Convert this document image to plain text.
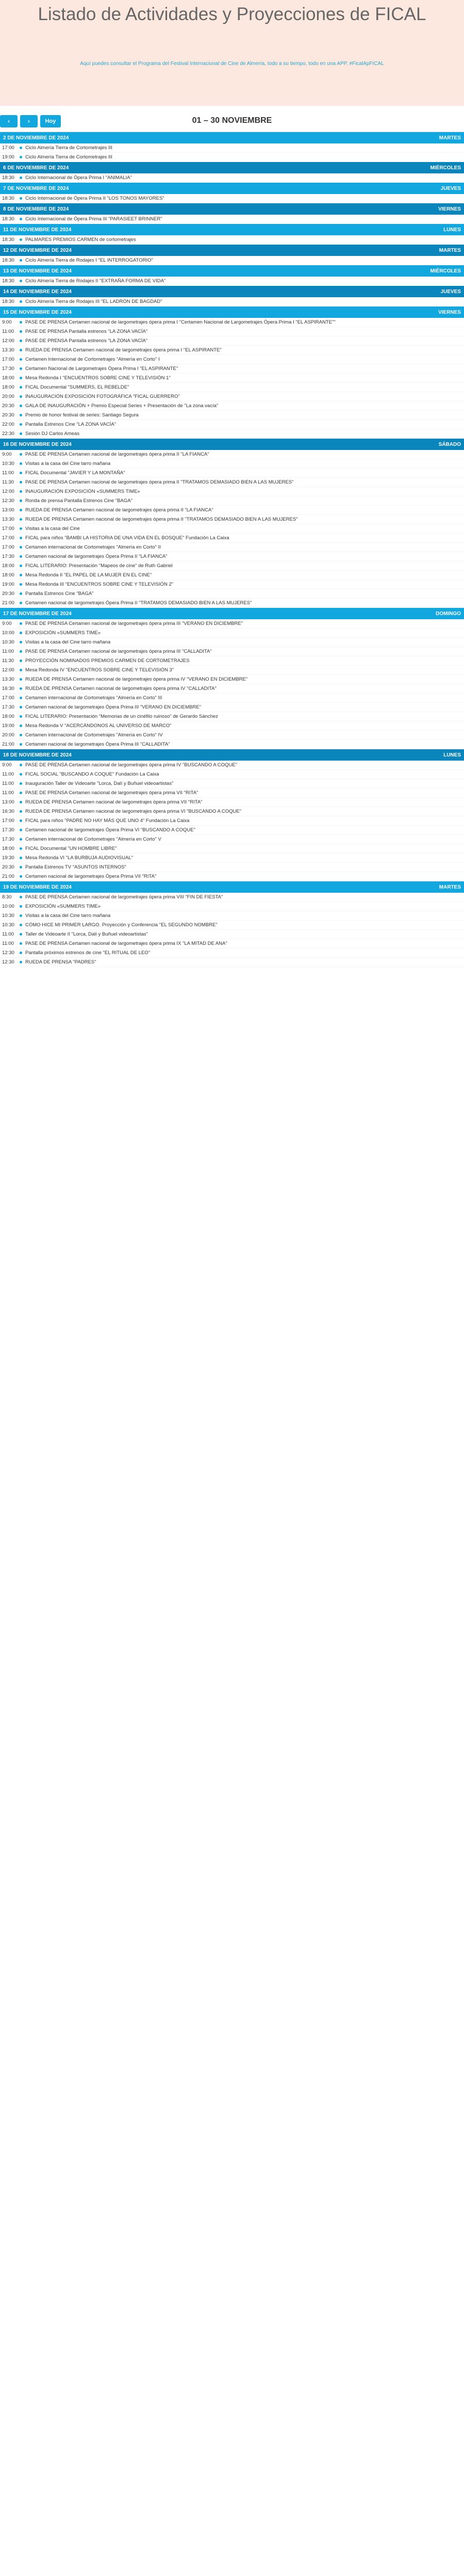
Listado de Actividades y Proyecciones de FICAL

Aquí puedes consultar el Programa del Festival Internacional de Cine de Almería, todo a su tiempo, todo en una APP. #FicalApFICAL

‹	›	Hoy	01 – 30 NOVIEMBRE
2 DE NOVIEMBRE DE 2024	MARTES
17:00	Ciclo Almería Tierra de Cortometrajes III
19:00	Ciclo Almería Tierra de Cortometrajes III
6 DE NOVIEMBRE DE 2024	MIÉRCOLES
18:30	Ciclo Internacional de Ópera Prima I "ANIMALIA"
7 DE NOVIEMBRE DE 2024	JUEVES
18:30	Ciclo Internacional de Ópera Prima II "LOS TONOS MAYORES"
8 DE NOVIEMBRE DE 2024	VIERNES
18:30	Ciclo Internacional de Ópera Prima III "PARASIEET BRINNER"
11 DE NOVIEMBRE DE 2024	LUNES
18:30	PALMARES PREMIOS CARMEN de cortometrajes
12 DE NOVIEMBRE DE 2024	MARTES
18:30	Ciclo Almería Tierra de Rodajes I "EL INTERROGATORIO"
13 DE NOVIEMBRE DE 2024	MIÉRCOLES
18:30	Ciclo Almería Tierra de Rodajes II "EXTRAÑA FORMA DE VIDA"
14 DE NOVIEMBRE DE 2024	JUEVES
18:30	Ciclo Almería Tierra de Rodajes III "EL LADRÓN DE BAGDAD"
15 DE NOVIEMBRE DE 2024	VIERNES
9:00	PASE DE PRENSA Certamen nacional de largometrajes ópera prima I "Certamen Nacional de Largometrajes Ópera Prima I "EL ASPIRANTE""
11:00	PASE DE PRENSA Pantalla estrenos "LA ZONA VACÍA"
12:00	PASE DE PRENSA Pantalla estrenos "LA ZONA VACÍA"
13:30	RUEDA DE PRENSA Certamen nacional de largometrajes ópera prima I "EL ASPIRANTE"
17:00	Certamen Internacional de Cortometrajes "Almería en Corto" I
17:30	Certamen Nacional de Largometrajes Ópera Prima I "EL ASPIRANTE"
18:00	Mesa Redonda I "ENCUENTROS SOBRE CINE Y TELEVISIÓN 1"
18:00	FICAL Documental "SUMMERS, EL REBELDE"
20:00	INAUGURACIÓN EXPOSICIÓN FOTOGRÁFICA "FICAL GUERRERO"
20:30	GALA DE INAUGURACIÓN + Premio Especial Series + Presentación de "La zona vacía"
20:30	Premio de honor festival de series: Santiago Segura
22:00	Pantalla Estrenos Cine "LA ZONA VACÍA"
22:30	Sesión DJ Carlos Ameas
16 DE NOVIEMBRE DE 2024	SÁBADO
9:00	PASE DE PRENSA Certamen nacional de largometrajes ópera prima II "LA FIANCA"
10:30	Visitas a la casa del Cine tarro mañana
11:00	FICAL Documental "JAVIER Y LA MONTAÑA"
11:30	PASE DE PRENSA Certamen nacional de largometrajes ópera prima II "TRATAMOS DEMASIADO BIEN A LAS MUJERES"
12:00	INAUGURACIÓN EXPOSICIÓN «SUMMERS TIME»
12:30	Ronda de prensa Pantalla Estrenos Cine "BAGA"
13:00	RUEDA DE PRENSA Certamen nacional de largometrajes ópera prima II "LA FIANCA"
13:30	RUEDA DE PRENSA Certamen nacional de largometrajes ópera prima II "TRATAMOS DEMASIADO BIEN A LAS MUJERES"
17:00	Visitas a la casa del Cine
17:00	FICAL para niños "BAMBI LA HISTORIA DE UNA VIDA EN EL BOSQUE" Fundación La Caixa
17:00	Certamen internacional de Cortometrajes "Almería en Corto" II
17:30	Certamen nacional de largometrajes Ópera Prima II "LA FIANCA"
18:00	FICAL LITERARIO: Presentación "Mapeos de cine" de Ruth Gabriel
18:00	Mesa Redonda II "EL PAPEL DE LA MUJER EN EL CINE"
19:00	Mesa Redonda III "ENCUENTROS SOBRE CINE Y TELEVISIÓN 2"
20:30	Pantalla Estrenos Cine "BAGA"
21:00	Certamen nacional de largometrajes Ópera Prima II "TRATAMOS DEMASIADO BIEN A LAS MUJERES"
17 DE NOVIEMBRE DE 2024	DOMINGO
9:00	PASE DE PRENSA Certamen nacional de largometrajes ópera prima III "VERANO EN DICIEMBRE"
10:00	EXPOSICIÓN «SUMMERS TIME»
10:30	Visitas a la casa del Cine tarro mañana
11:00	PASE DE PRENSA Certamen nacional de largometrajes ópera prima III "CALLADITA"
11:30	PROYECCIÓN NOMINADOS PREMIOS CARMEN DE CORTOMETRAJES
12:00	Mesa Redonda IV "ENCUENTROS SOBRE CINE Y TELEVISIÓN 3"
13:30	RUEDA DE PRENSA Certamen nacional de largometrajes ópera prima IV "VERANO EN DICIEMBRE"
16:30	RUEDA DE PRENSA Certamen nacional de largometrajes ópera prima IV "CALLADITA"
17:00	Certamen internacional de Cortometrajes "Almería en Corto" III
17:30	Certamen nacional de largometrajes Ópera Prima III "VERANO EN DICIEMBRE"
18:00	FICAL LITERARIO: Presentación "Memorias de un cinéfilo ruinoso" de Gerardo Sánchez
19:00	Mesa Redonda V "ACERCÁNDONOS AL UNIVERSO DE MARCO"
20:00	Certamen internacional de Cortometrajes "Almería en Corto" IV
21:00	Certamen nacional de largometrajes Ópera Prima III "CALLADITA"
18 DE NOVIEMBRE DE 2024	LUNES
9:00	PASE DE PRENSA Certamen nacional de largometrajes ópera prima IV "BUSCANDO A COQUE"
11:00	FICAL SOCIAL "BUSCANDO A COQUE" Fundación La Caixa
11:00	Inauguración Taller de Videoarte "Lorca, Dalí y Buñuel videoartistas"
11:00	PASE DE PRENSA Certamen nacional de largometrajes ópera prima VII "RITA"
13:00	RUEDA DE PRENSA Certamen nacional de largometrajes ópera prima VII "RITA"
16:30	RUEDA DE PRENSA Certamen nacional de largometrajes ópera prima VI "BUSCANDO A COQUE"
17:00	FICAL para niños "PADRE NO HAY MÁS QUE UNO 4" Fundación La Caixa
17:30	Certamen nacional de largometrajes Ópera Prima VI "BUSCANDO A COQUE"
17:30	Certamen internacional de Cortometrajes "Almería en Corto" V
18:00	FICAL Documental "UN HOMBRE LIBRE"
19:30	Mesa Redonda VI "LA BURBUJA AUDIOVISUAL"
20:30	Pantalla Estrenos TV "ASUNTOS INTERNOS"
21:00	Certamen nacional de largometrajes Ópera Prima VII "RITA"
19 DE NOVIEMBRE DE 2024	MARTES
8:30	PASE DE PRENSA Certamen nacional de largometrajes ópera prima VIII "FIN DE FIESTA"
10:00	EXPOSICIÓN «SUMMERS TIME»
10:30	Visitas a la casa del Cine tarro mañana
10:30	CÓMO HICE MI PRIMER LARGO. Proyección y Conferencia "EL SEGUNDO NOMBRE"
11:00	Taller de Videoarte II "Lorca, Dalí y Buñuel videoartistas"
11:00	PASE DE PRENSA Certamen nacional de largometrajes ópera prima IX "LA MITAD DE ANA"
12:30	Pantalla próximos estrenos de cine "EL RITUAL DE LEO"
12:30	RUEDA DE PRENSA "PADRES"
